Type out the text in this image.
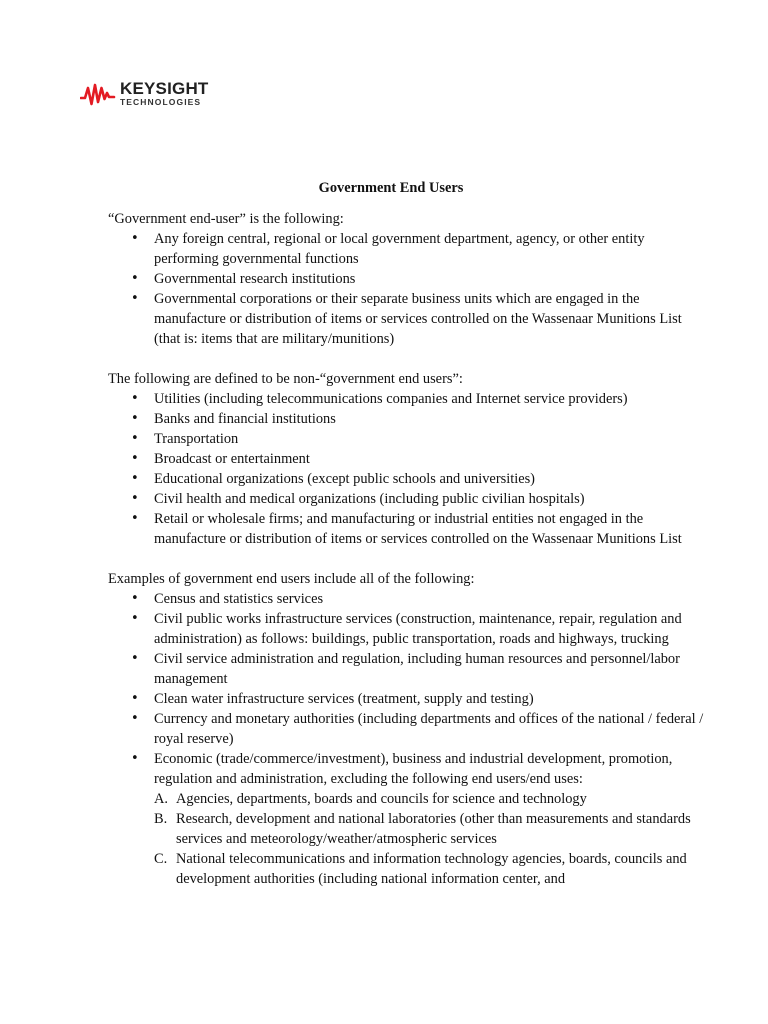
KEYSIGHT
TECHNOLOGIES
Government End Users

“Government end-user” is the following:

• Any foreign central, regional or local government department, agency, or other entity performing governmental functions
• Governmental research institutions
• Governmental corporations or their separate business units which are engaged in the manufacture or distribution of items or services controlled on the Wassenaar Munitions List (that is: items that are military/munitions)

The following are defined to be non-“government end users”:

• Utilities (including telecommunications companies and Internet service providers)
• Banks and financial institutions
• Transportation
• Broadcast or entertainment
• Educational organizations (except public schools and universities)
• Civil health and medical organizations (including public civilian hospitals)
• Retail or wholesale firms; and manufacturing or industrial entities not engaged in the manufacture or distribution of items or services controlled on the Wassenaar Munitions List

Examples of government end users include all of the following:

• Census and statistics services
• Civil public works infrastructure services (construction, maintenance, repair, regulation and administration) as follows: buildings, public transportation, roads and highways, trucking
• Civil service administration and regulation, including human resources and personnel/labor management
• Clean water infrastructure services (treatment, supply and testing)
• Currency and monetary authorities (including departments and offices of the national / federal / royal reserve)
• Economic (trade/commerce/investment), business and industrial development, promotion, regulation and administration, excluding the following end users/end uses:
A. Agencies, departments, boards and councils for science and technology
B. Research, development and national laboratories (other than measurements and standards services and meteorology/weather/atmospheric services
C. National telecommunications and information technology agencies, boards, councils and development authorities (including national information center, and
